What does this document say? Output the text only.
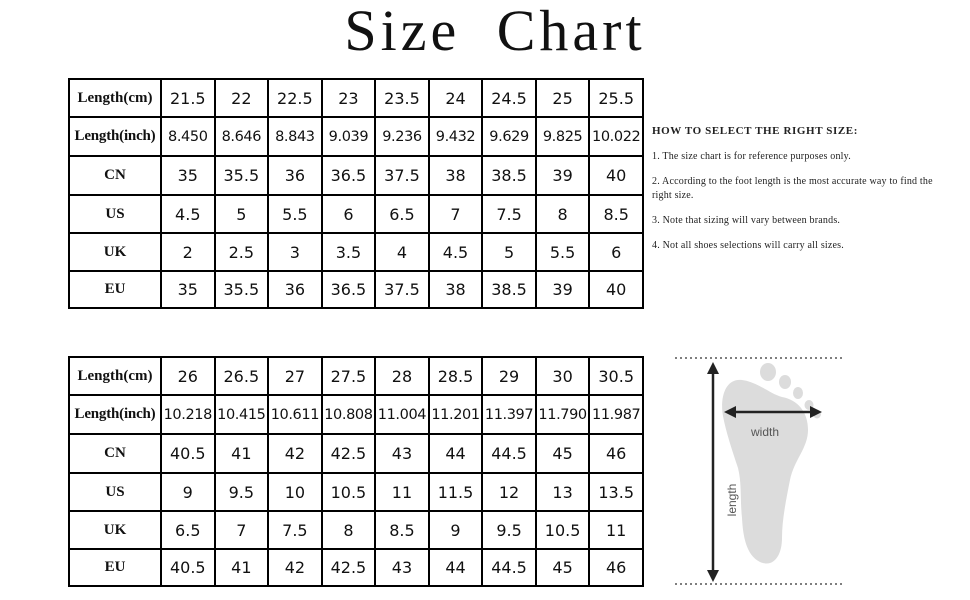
Size Chart
Length(cm)	21.5	22	22.5	23	23.5	24	24.5	25	25.5
Length(inch)	8.450	8.646	8.843	9.039	9.236	9.432	9.629	9.825	10.022
CN	35	35.5	36	36.5	37.5	38	38.5	39	40
US	4.5	5	5.5	6	6.5	7	7.5	8	8.5
UK	2	2.5	3	3.5	4	4.5	5	5.5	6
EU	35	35.5	36	36.5	37.5	38	38.5	39	40
Length(cm)	26	26.5	27	27.5	28	28.5	29	30	30.5
Length(inch)	10.218	10.415	10.611	10.808	11.004	11.201	11.397	11.790	11.987
CN	40.5	41	42	42.5	43	44	44.5	45	46
US	9	9.5	10	10.5	11	11.5	12	13	13.5
UK	6.5	7	7.5	8	8.5	9	9.5	10.5	11
EU	40.5	41	42	42.5	43	44	44.5	45	46
HOW TO SELECT THE RIGHT SIZE:
1. The size chart is for reference purposes only.
2. According to the foot length is the most accurate way to find the right size.
3. Note that sizing will vary between brands.
4. Not all shoes selections will carry all sizes.
width
length
